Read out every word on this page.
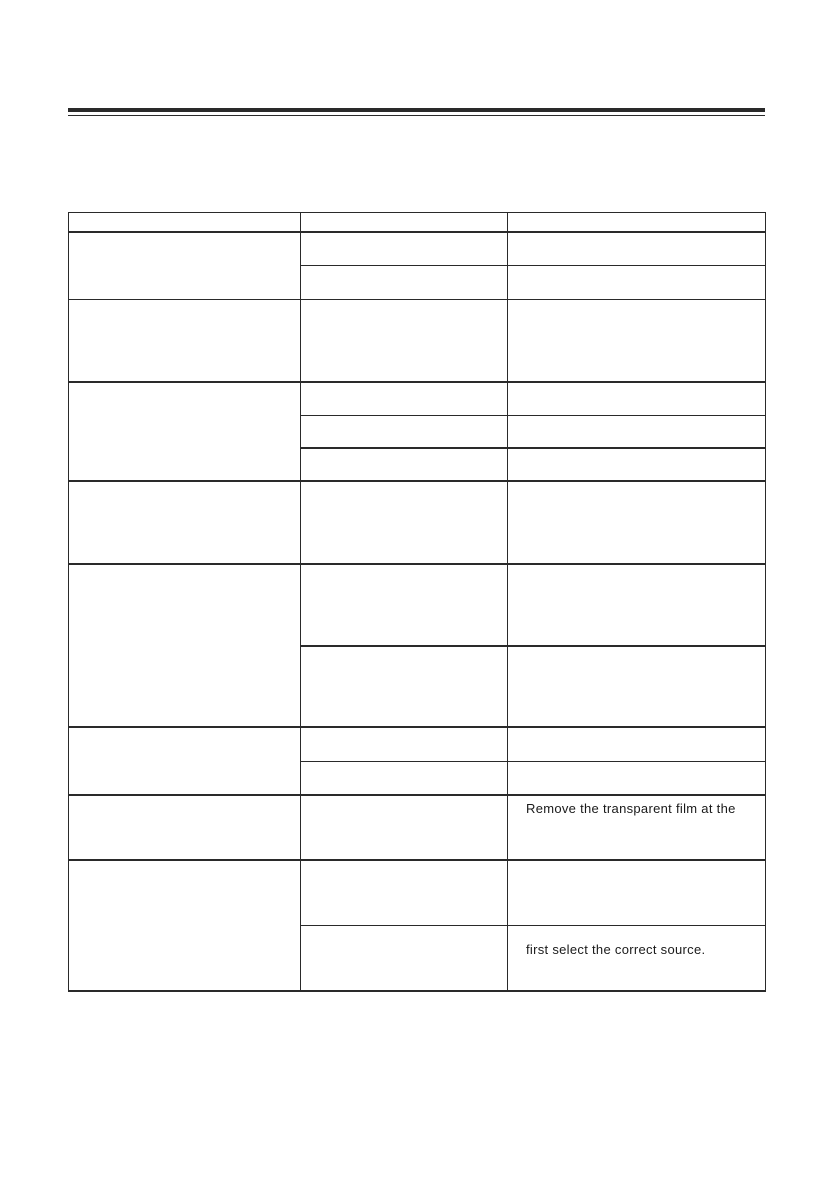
		Remove the transparent film at the

		first select the correct source.
